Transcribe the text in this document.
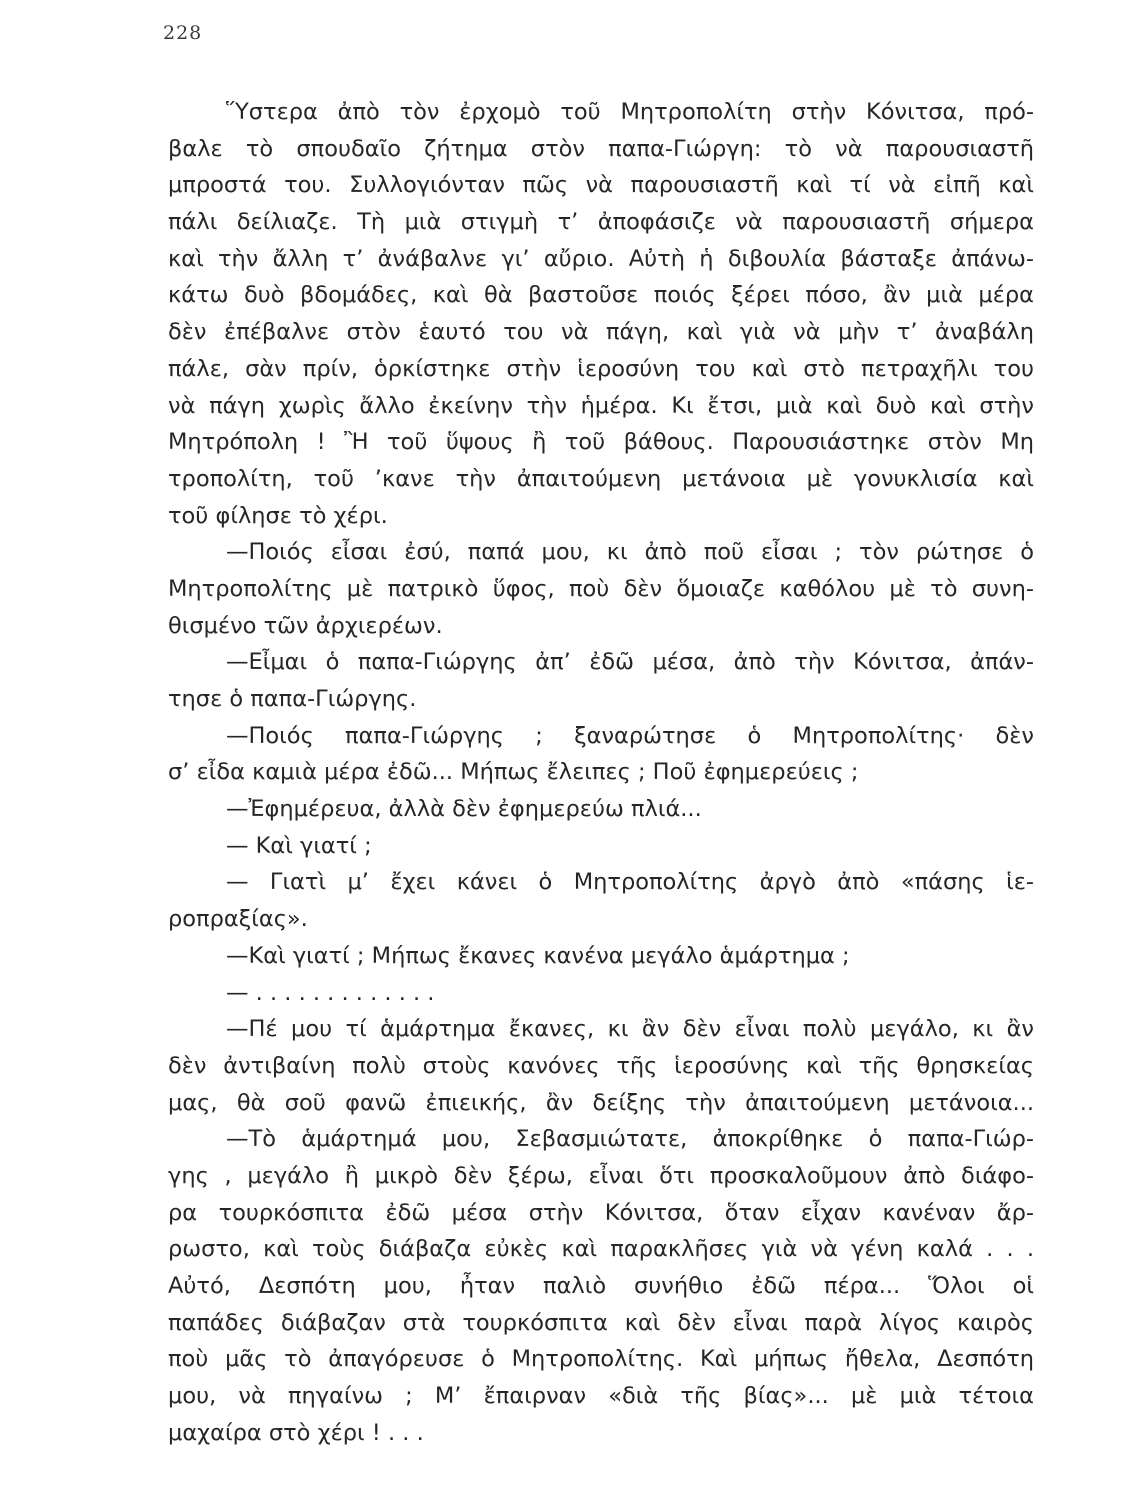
228
Ὕστερα ἀπὸ τὸν ἐρχομὸ τοῦ Μητροπολίτη στὴν Κόνιτσα, πρό-
βαλε τὸ σπουδαῖο ζήτημα στὸν παπα-Γιώργη: τὸ νὰ παρουσιαστῆ
μπροστά του. Συλλογιόνταν πῶς νὰ παρουσιαστῆ καὶ τί νὰ εἰπῆ καὶ
πάλι δείλιαζε. Τὴ μιὰ στιγμὴ τ’ ἀποφάσιζε νὰ παρουσιαστῆ σήμερα
καὶ τὴν ἄλλη τ’ ἀνάβαλνε γι’ αὔριο. Αὐτὴ ἡ διβουλία βάσταξε ἀπάνω-
κάτω δυὸ βδομάδες, καὶ θὰ βαστοῦσε ποιός ξέρει πόσο, ἂν μιὰ μέρα
δὲν ἐπέβαλνε στὸν ἑαυτό του νὰ πάγη, καὶ γιὰ νὰ μὴν τ’ ἀναβάλη
πάλε, σὰν πρίν, ὁρκίστηκε στὴν ἱεροσύνη του καὶ στὸ πετραχῆλι του
νὰ πάγη χωρὶς ἄλλο ἐκείνην τὴν ἡμέρα. Κι ἔτσι, μιὰ καὶ δυὸ καὶ στὴν
Μητρόπολη ! Ἢ τοῦ ὕψους ἢ τοῦ βάθους. Παρουσιάστηκε στὸν Μη
τροπολίτη, τοῦ ’κανε τὴν ἀπαιτούμενη μετάνοια μὲ γονυκλισία καὶ
τοῦ φίλησε τὸ χέρι.
—Ποιός εἶσαι ἐσύ, παπά μου, κι ἀπὸ ποῦ εἶσαι ; τὸν ρώτησε ὁ
Μητροπολίτης μὲ πατρικὸ ὕφος, ποὺ δὲν ὅμοιαζε καθόλου μὲ τὸ συνη-
θισμένο τῶν ἀρχιερέων.
—Εἶμαι ὁ παπα-Γιώργης ἀπ’ ἐδῶ μέσα, ἀπὸ τὴν Κόνιτσα, ἀπάν-
τησε ὁ παπα-Γιώργης.
—Ποιός παπα-Γιώργης ; ξαναρώτησε ὁ Μητροπολίτης· δὲν
σ’ εἶδα καμιὰ μέρα ἐδῶ... Μήπως ἔλειπες ; Ποῦ ἐφημερεύεις ;
—Ἐφημέρευα, ἀλλὰ δὲν ἐφημερεύω πλιά...
— Καὶ γιατί ;
— Γιατὶ μ’ ἔχει κάνει ὁ Μητροπολίτης ἀργὸ ἀπὸ «πάσης ἱε-
ροπραξίας».
—Καὶ γιατί ; Μήπως ἔκανες κανένα μεγάλο ἁμάρτημα ;
— . . . . . . . . . . . . .
—Πέ μου τί ἁμάρτημα ἔκανες, κι ἂν δὲν εἶναι πολὺ μεγάλο, κι ἂν
δὲν ἀντιβαίνη πολὺ στοὺς κανόνες τῆς ἱεροσύνης καὶ τῆς θρησκείας
μας, θὰ σοῦ φανῶ ἐπιεικής, ἂν δείξης τὴν ἀπαιτούμενη μετάνοια...
—Τὸ ἁμάρτημά μου, Σεβασμιώτατε, ἀποκρίθηκε ὁ παπα-Γιώρ-
γης , μεγάλο ἢ μικρὸ δὲν ξέρω, εἶναι ὅτι προσκαλοῦμουν ἀπὸ διάφο-
ρα τουρκόσπιτα ἐδῶ μέσα στὴν Κόνιτσα, ὅταν εἶχαν κανέναν ἄρ-
ρωστο, καὶ τοὺς διάβαζα εὐκὲς καὶ παρακλῆσες γιὰ νὰ γένη καλά . . .
Αὐτό, Δεσπότη μου, ἦταν παλιὸ συνήθιο ἐδῶ πέρα... Ὅλοι οἱ
παπάδες διάβαζαν στὰ τουρκόσπιτα καὶ δὲν εἶναι παρὰ λίγος καιρὸς
ποὺ μᾶς τὸ ἀπαγόρευσε ὁ Μητροπολίτης. Καὶ μήπως ἤθελα, Δεσπότη
μου, νὰ πηγαίνω ; Μ’ ἔπαιρναν «διὰ τῆς βίας»... μὲ μιὰ τέτοια
μαχαίρα στὸ χέρι ! . . .
